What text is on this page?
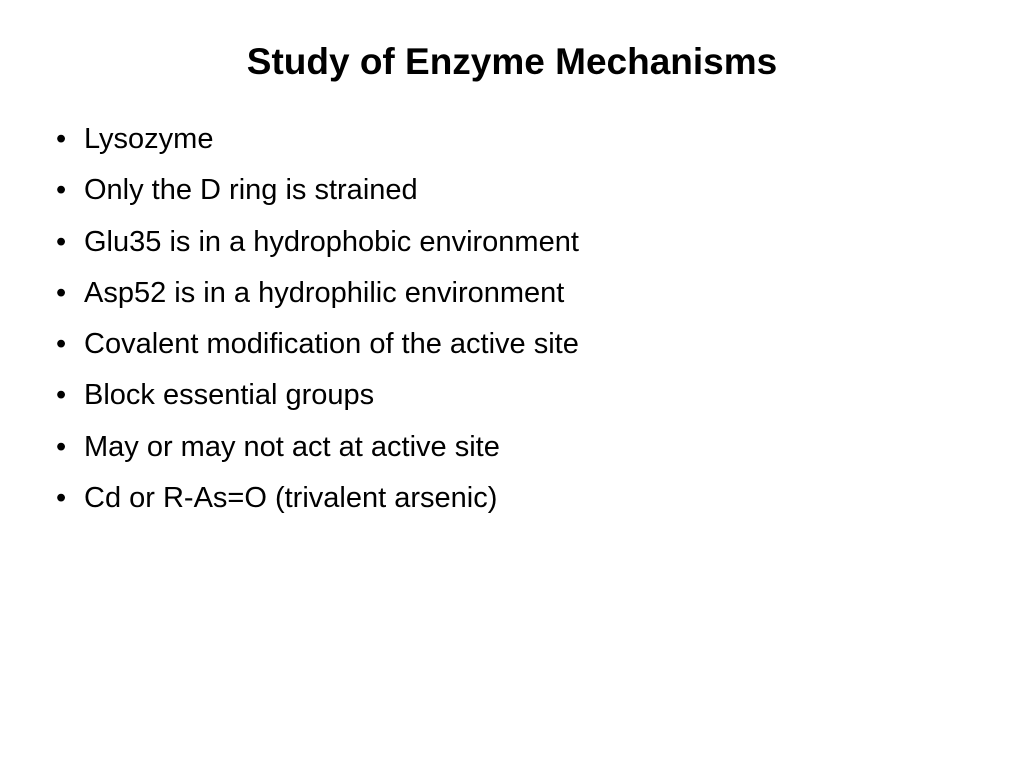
Study of Enzyme Mechanisms
• Lysozyme
• Only the D ring is strained
• Glu35 is in a hydrophobic environment
• Asp52 is in a hydrophilic environment
• Covalent modification of the active site
• Block essential groups
• May or may not act at active site
• Cd or R-As=O (trivalent arsenic)
